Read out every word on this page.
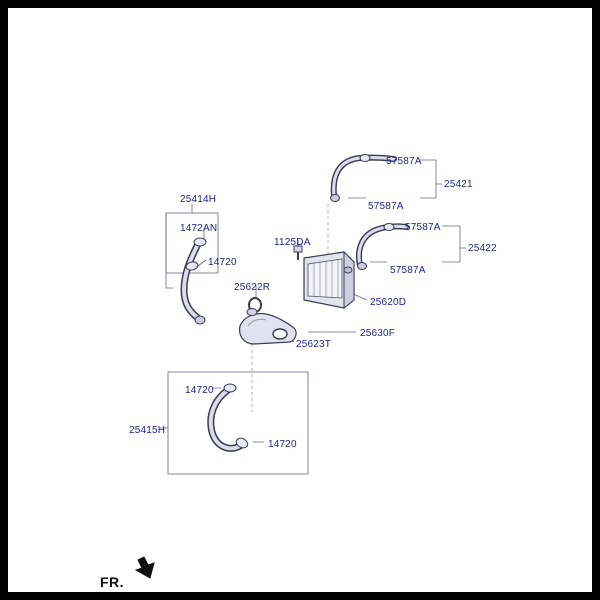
25414H
1472AN
14720
1125DA
25622R
57587A
25421
57587A
57587A
25422
57587A
25620D
25630F
25623T
14720
25415H
14720
FR.
